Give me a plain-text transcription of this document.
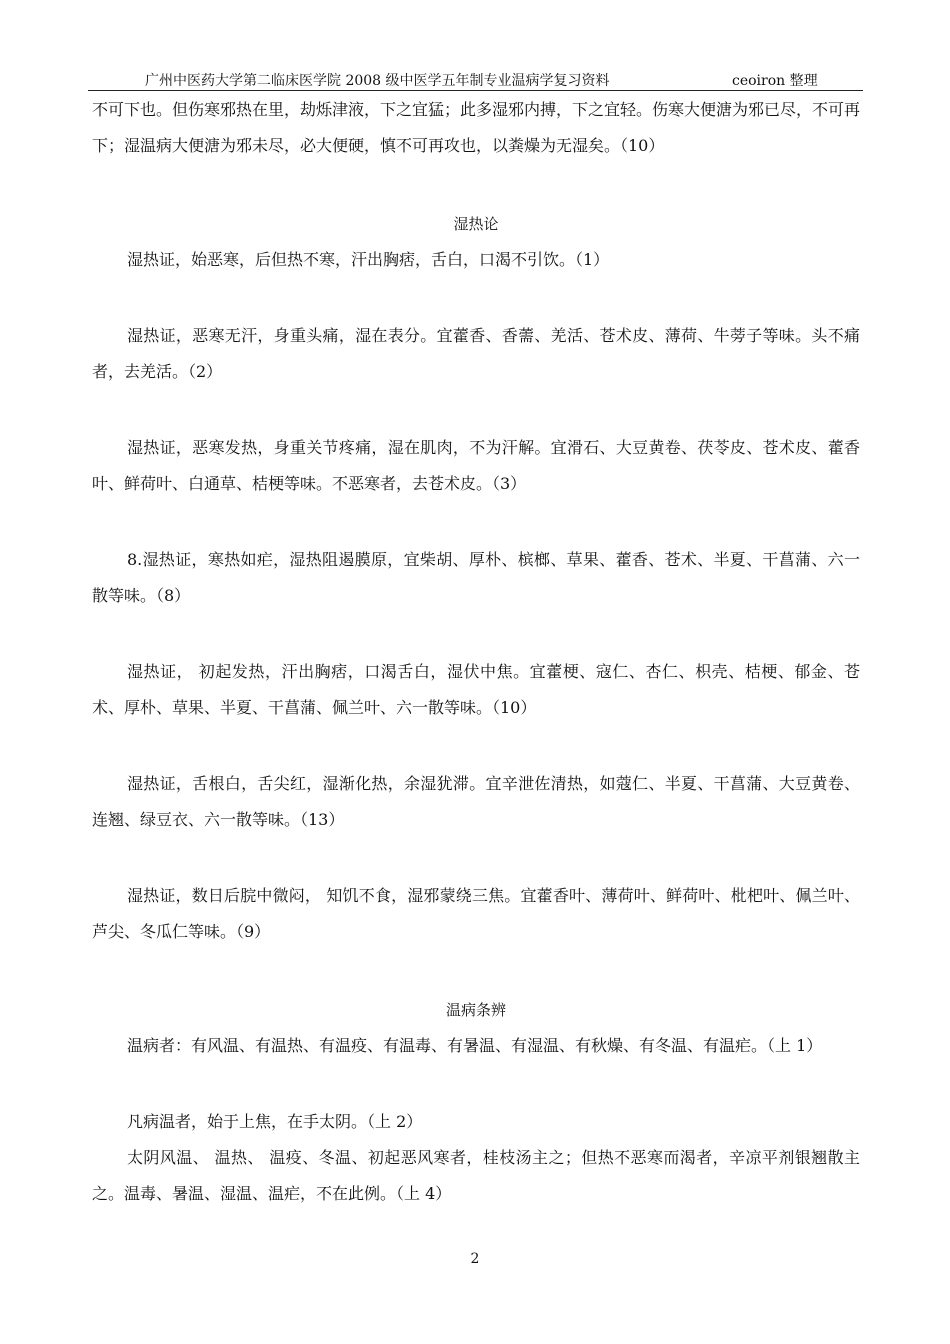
广州中医药大学第二临床医学院 2008 级中医学五年制专业温病学复习资料	ceoiron 整理

不可下也。但伤寒邪热在里，劫烁津液，下之宜猛；此多湿邪内搏，下之宜轻。伤寒大便溏为邪已尽，不可再下；湿温病大便溏为邪未尽，必大便硬，慎不可再攻也，以粪燥为无湿矣。（10）

湿热论

湿热证，始恶寒，后但热不寒，汗出胸痞，舌白，口渴不引饮。（1）

湿热证，恶寒无汗，身重头痛，湿在表分。宜藿香、香薷、羌活、苍术皮、薄荷、牛蒡子等味。头不痛者，去羌活。（2）

湿热证，恶寒发热，身重关节疼痛，湿在肌肉，不为汗解。宜滑石、大豆黄卷、茯苓皮、苍术皮、藿香叶、鲜荷叶、白通草、桔梗等味。不恶寒者，去苍术皮。（3）

8.湿热证，寒热如疟，湿热阻遏膜原，宜柴胡、厚朴、槟榔、草果、藿香、苍术、半夏、干菖蒲、六一散等味。（8）

湿热证， 初起发热，汗出胸痞，口渴舌白，湿伏中焦。宜藿梗、寇仁、杏仁、枳壳、桔梗、郁金、苍术、厚朴、草果、半夏、干菖蒲、佩兰叶、六一散等味。（10）

湿热证，舌根白，舌尖红，湿渐化热，余湿犹滞。宜辛泄佐清热，如蔻仁、半夏、干菖蒲、大豆黄卷、连翘、绿豆衣、六一散等味。（13）

湿热证，数日后脘中微闷， 知饥不食，湿邪蒙绕三焦。宜藿香叶、薄荷叶、鲜荷叶、枇杷叶、佩兰叶、芦尖、冬瓜仁等味。（9）

温病条辨

温病者：有风温、有温热、有温疫、有温毒、有暑温、有湿温、有秋燥、有冬温、有温疟。（上 1）

凡病温者，始于上焦，在手太阴。（上 2）

太阴风温、 温热、 温疫、冬温、初起恶风寒者，桂枝汤主之；但热不恶寒而渴者，辛凉平剂银翘散主之。温毒、暑温、湿温、温疟，不在此例。（上 4）

2
